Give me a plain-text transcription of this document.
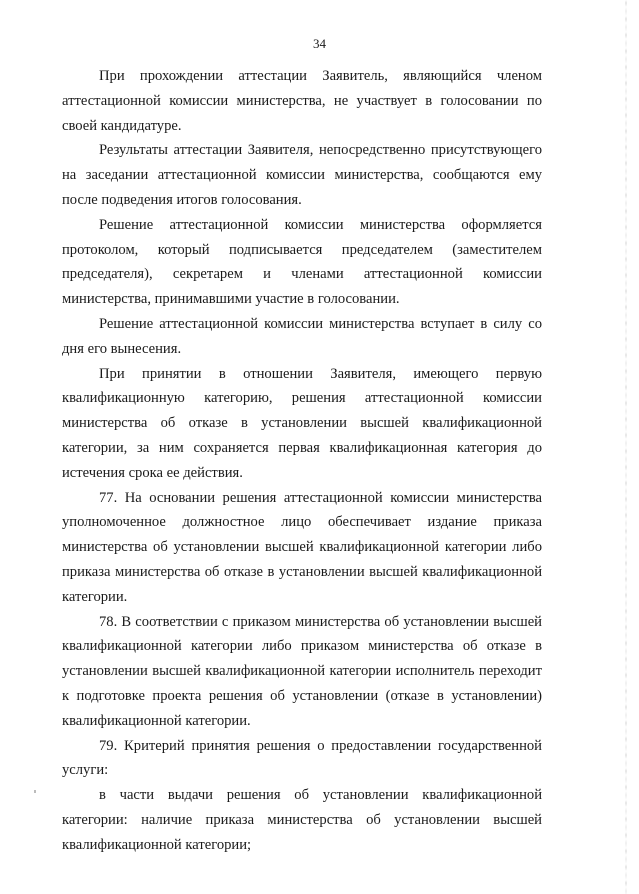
34

При прохождении аттестации Заявитель, являющийся членом аттестационной комиссии министерства, не участвует в голосовании по своей кандидатуре.

Результаты аттестации Заявителя, непосредственно присутствующего на заседании аттестационной комиссии министерства, сообщаются ему после подведения итогов голосования.

Решение аттестационной комиссии министерства оформляется протоколом, который подписывается председателем (заместителем председателя), секретарем и членами аттестационной комиссии министерства, принимавшими участие в голосовании.

Решение аттестационной комиссии министерства вступает в силу со дня его вынесения.

При принятии в отношении Заявителя, имеющего первую квалификационную категорию, решения аттестационной комиссии министерства об отказе в установлении высшей квалификационной категории, за ним сохраняется первая квалификационная категория до истечения срока ее действия.

77. На основании решения аттестационной комиссии министерства уполномоченное должностное лицо обеспечивает издание приказа министерства об установлении высшей квалификационной категории либо приказа министерства об отказе в установлении высшей квалификационной категории.

78. В соответствии с приказом министерства об установлении высшей квалификационной категории либо приказом министерства об отказе в установлении высшей квалификационной категории исполнитель переходит к подготовке проекта решения об установлении (отказе в установлении) квалификационной категории.

79. Критерий принятия решения о предоставлении государственной услуги:

в части выдачи решения об установлении квалификационной категории: наличие приказа министерства об установлении высшей квалификационной категории;
